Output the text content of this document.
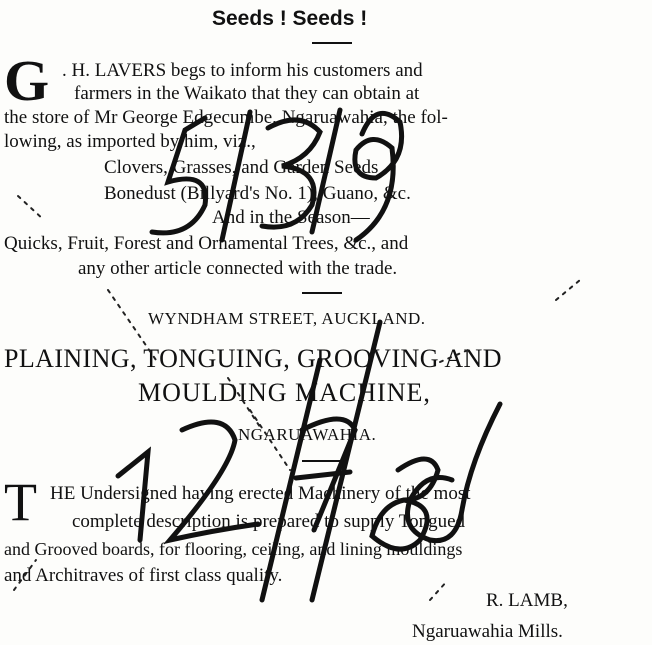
Seeds ! Seeds !
G . H. LAVERS begs to inform his customers and
farmers in the Waikato that they can obtain at
the store of Mr George Edgecumbe, Ngaruawahia, the fol-
lowing, as imported by him, viz.,
Clovers, Grasses, and Garden Seeds
Bonedust (Billyard's No. 1), Guano, &c.
And in the Season—
Quicks, Fruit, Forest and Ornamental Trees, &c., and
any other article connected with the trade.
WYNDHAM STREET, AUCKLAND.
PLAINING, TONGUING, GROOVING AND
MOULDING MACHINE,
NGARUAWAHIA.
T HE Undersigned having erected Machinery of the most
complete description is prepared to supply Tongued
and Grooved boards, for flooring, ceiling, and lining mouldings
and Architraves of first class quality.
R. LAMB,
Ngaruawahia Mills.
